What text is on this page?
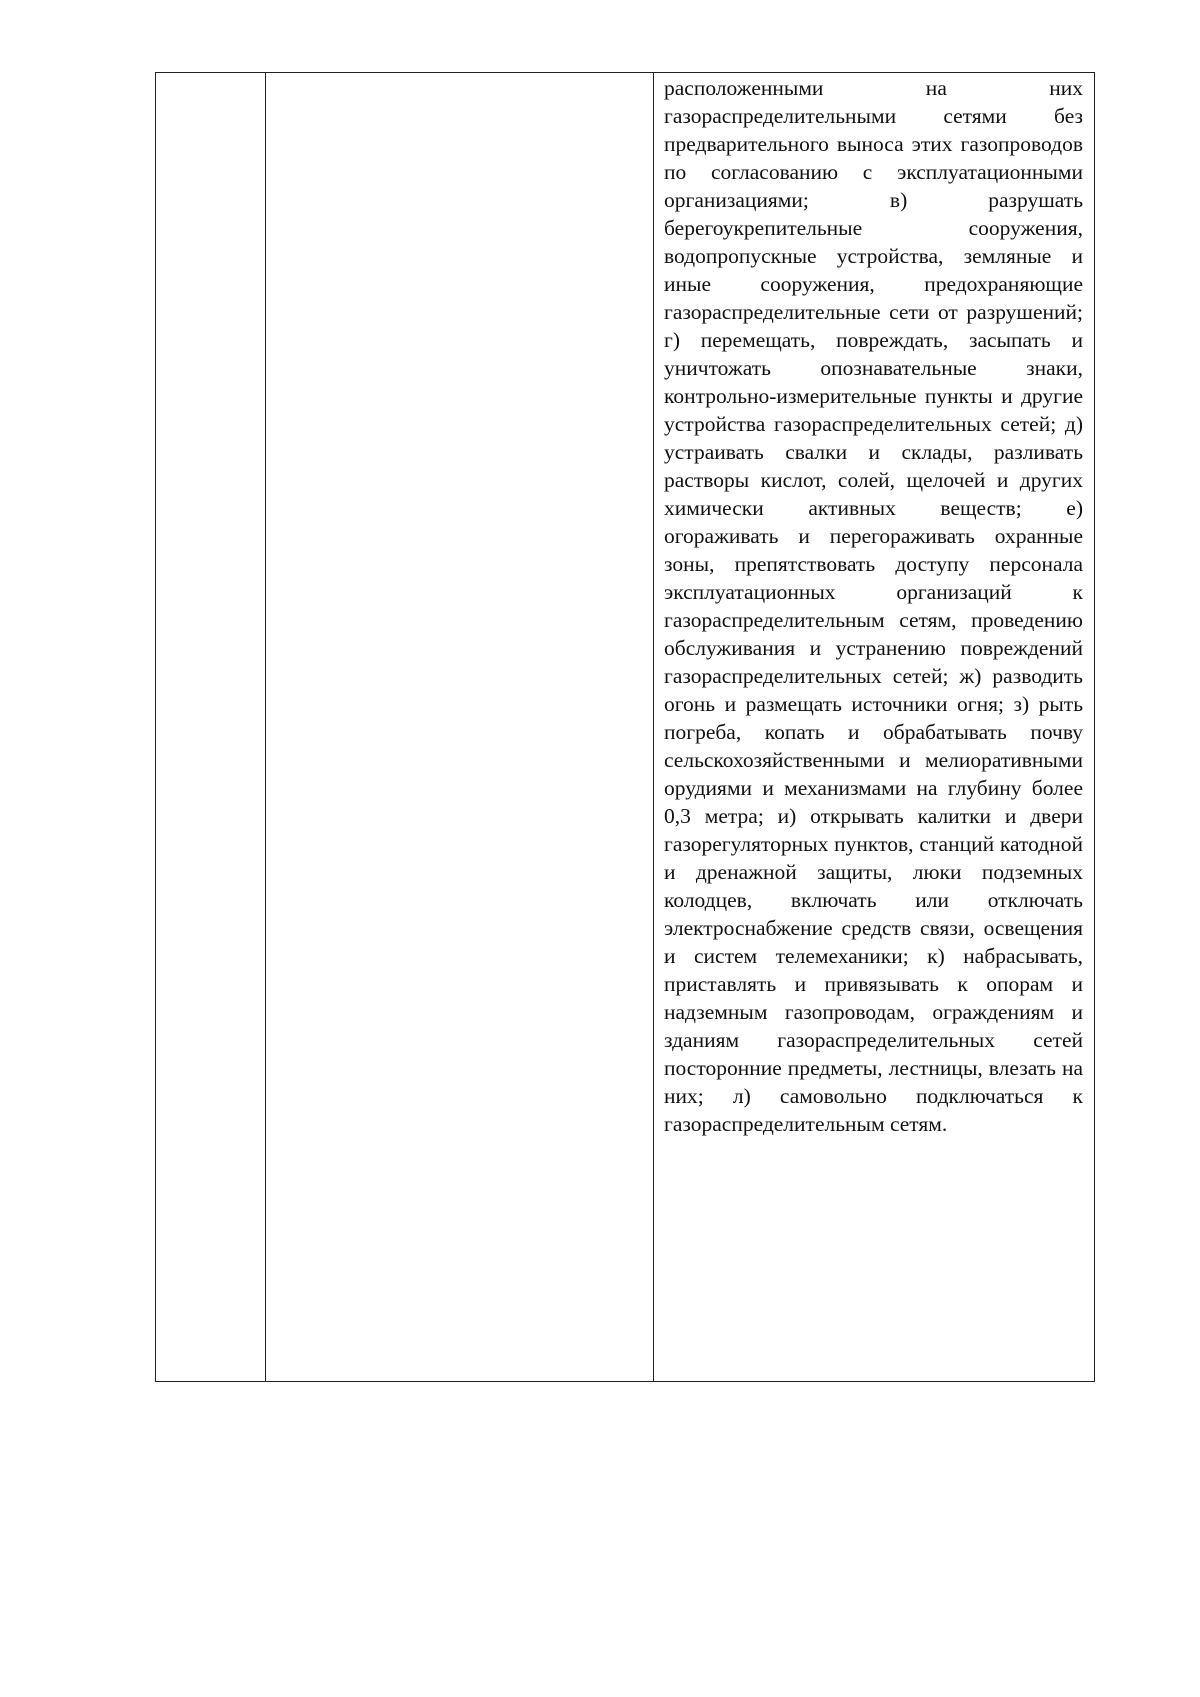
расположенными на них газораспределительными сетями без предварительного выноса этих газопроводов по согласованию с эксплуатационными организациями; в) разрушать берегоукрепительные сооружения, водопропускные устройства, земляные и иные сооружения, предохраняющие газораспределительные сети от разрушений; г) перемещать, повреждать, засыпать и уничтожать опознавательные знаки, контрольно-измерительные пункты и другие устройства газораспределительных сетей; д) устраивать свалки и склады, разливать растворы кислот, солей, щелочей и других химически активных веществ; е) огораживать и перегораживать охранные зоны, препятствовать доступу персонала эксплуатационных организаций к газораспределительным сетям, проведению обслуживания и устранению повреждений газораспределительных сетей; ж) разводить огонь и размещать источники огня; з) рыть погреба, копать и обрабатывать почву сельскохозяйственными и мелиоративными орудиями и механизмами на глубину более 0,3 метра; и) открывать калитки и двери газорегуляторных пунктов, станций катодной и дренажной защиты, люки подземных колодцев, включать или отключать электроснабжение средств связи, освещения и систем телемеханики; к) набрасывать, приставлять и привязывать к опорам и надземным газопроводам, ограждениям и зданиям газораспределительных сетей посторонние предметы, лестницы, влезать на них; л) самовольно подключаться к газораспределительным сетям.
